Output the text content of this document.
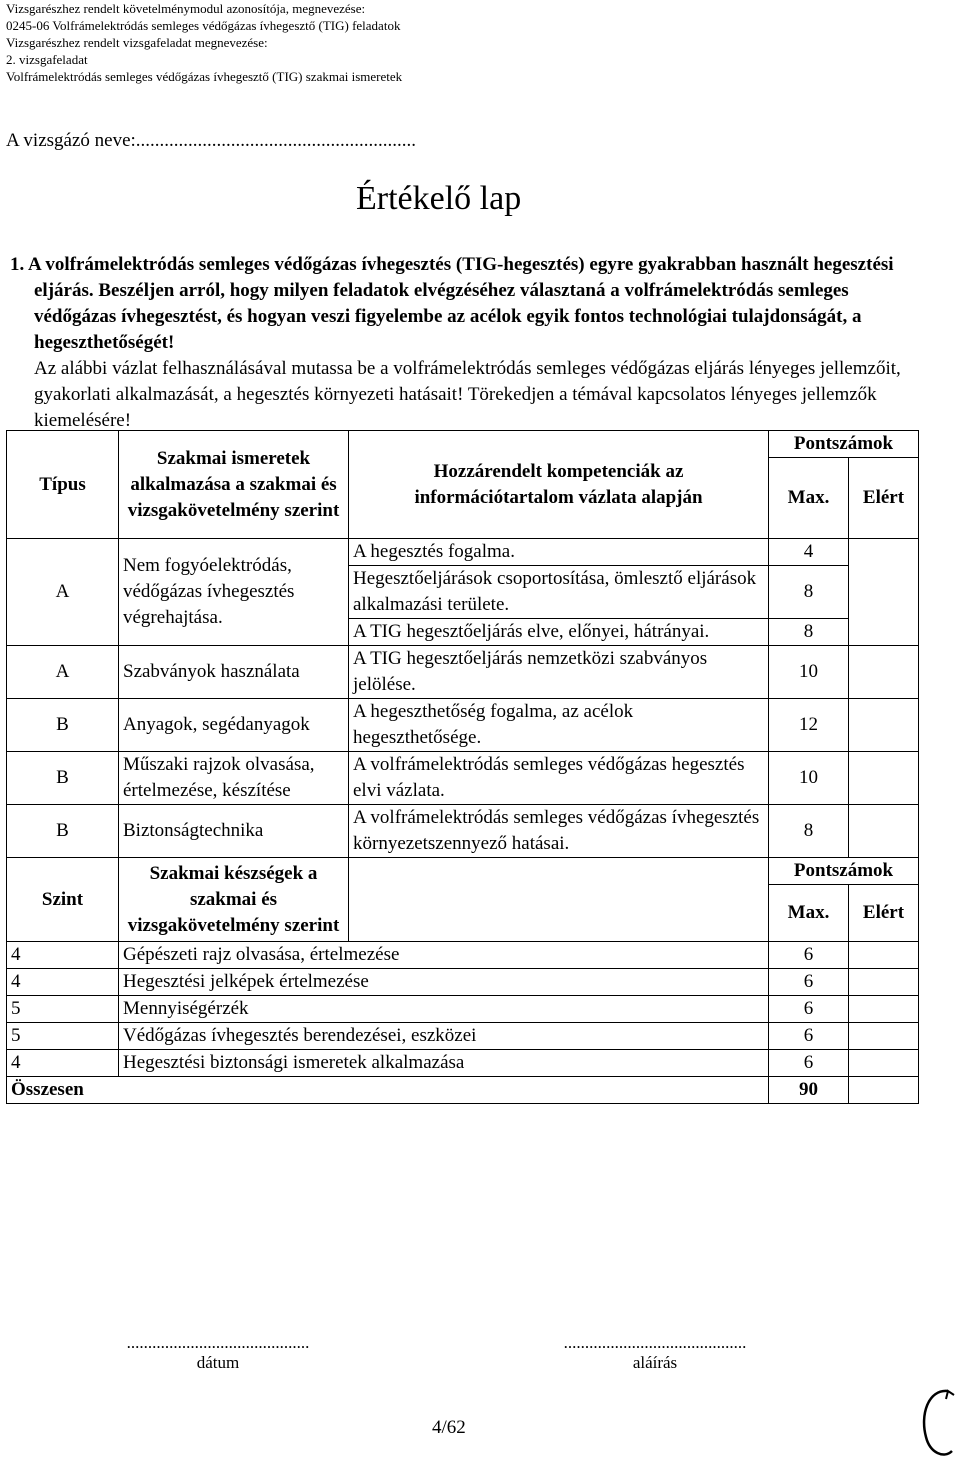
Vizsgarészhez rendelt követelménymodul azonosítója, megnevezése:
0245-06 Volfrámelektródás semleges védőgázas ívhegesztő (TIG) feladatok
Vizsgarészhez rendelt vizsgafeladat megnevezése:
2. vizsgafeladat
Volfrámelektródás semleges védőgázas ívhegesztő (TIG) szakmai ismeretek
A vizsgázó neve:...........................................................
Értékelő lap
1. A volfrámelektródás semleges védőgázas ívhegesztés (TIG-hegesztés) egyre gyakrabban használt hegesztési eljárás. Beszéljen arról, hogy milyen feladatok elvégzéséhez választaná a volfrámelektródás semleges védőgázas ívhegesztést, és hogyan veszi figyelembe az acélok egyik fontos technológiai tulajdonságát, a hegeszthetőségét!
Az alábbi vázlat felhasználásával mutassa be a volfrámelektródás semleges védőgázas eljárás lényeges jellemzőit, gyakorlati alkalmazását, a hegesztés környezeti hatásait! Törekedjen a témával kapcsolatos lényeges jellemzők kiemelésére!
Típus	Szakmai ismeretek alkalmazása a szakmai és vizsgakövetelmény szerint	Hozzárendelt kompetenciák az információtartalom vázlata alapján	Pontszámok	
			Max.	Elért
A	Nem fogyóelektródás, védőgázas ívhegesztés végrehajtása.	A hegesztés fogalma.	4	
		Hegesztőeljárások csoportosítása, ömlesztő eljárások alkalmazási területe.	8	
		A TIG hegesztőeljárás elve, előnyei, hátrányai.	8	
A	Szabványok használata	A TIG hegesztőeljárás nemzetközi szabványos jelölése.	10	
B	Anyagok, segédanyagok	A hegeszthetőség fogalma, az acélok hegeszthetősége.	12	
B	Műszaki rajzok olvasása, értelmezése, készítése	A volfrámelektródás semleges védőgázas hegesztés elvi vázlata.	10	
B	Biztonságtechnika	A volfrámelektródás semleges védőgázas ívhegesztés környezetszennyező hatásai.	8	
Szint	Szakmai készségek a szakmai és vizsgakövetelmény szerint		Pontszámok	
			Max.	Elért
4	Gépészeti rajz olvasása, értelmezése		6	
4	Hegesztési jelképek értelmezése		6	
5	Mennyiségérzék		6	
5	Védőgázas ívhegesztés berendezései, eszközei		6	
4	Hegesztési biztonsági ismeretek alkalmazása		6	
Összesen			90	
...........................................
dátum
...........................................
aláírás
4/62
